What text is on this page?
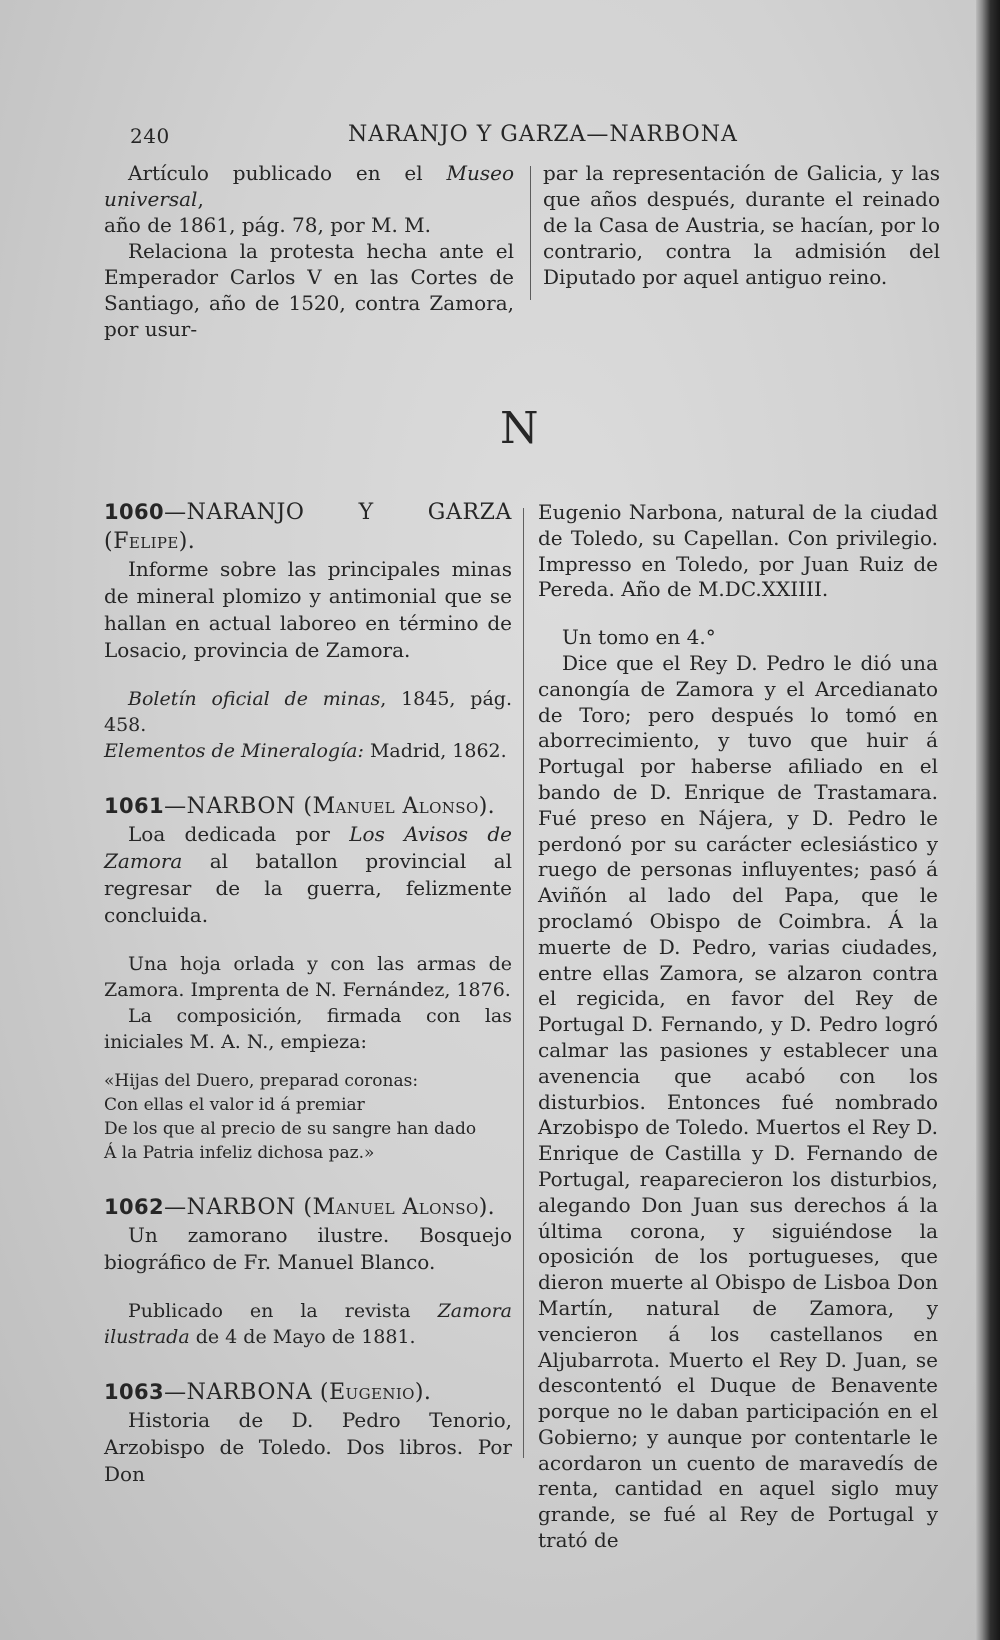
240	NARANJO Y GARZA—NARBONA

Artículo publicado en el Museo universal,
año de 1861, pág. 78, por M. M.

Relaciona la protesta hecha ante el Emperador Carlos V en las Cortes de Santiago, año de 1520, contra Zamora, por usur-

par la representación de Galicia, y las que años después, durante el reinado de la Casa de Austria, se hacían, por lo contrario, contra la admisión del Diputado por aquel antiguo reino.

N

1060—NARANJO Y GARZA (Felipe).

Informe sobre las principales minas de mineral plomizo y antimonial que se hallan en actual laboreo en término de Losacio, provincia de Zamora.

Boletín oficial de minas, 1845, pág. 458.
Elementos de Mineralogía: Madrid, 1862.

1061—NARBON (Manuel Alonso).

Loa dedicada por Los Avisos de Zamora al batallon provincial al regresar de la guerra, felizmente concluida.

Una hoja orlada y con las armas de Zamora. Imprenta de N. Fernández, 1876.

La composición, firmada con las iniciales M. A. N., empieza:

«Hijas del Duero, preparad coronas:
Con ellas el valor id á premiar
De los que al precio de su sangre han dado
Á la Patria infeliz dichosa paz.»

1062—NARBON (Manuel Alonso).

Un zamorano ilustre. Bosquejo biográfico de Fr. Manuel Blanco.

Publicado en la revista Zamora ilustrada de 4 de Mayo de 1881.

1063—NARBONA (Eugenio).

Historia de D. Pedro Tenorio, Arzobispo de Toledo. Dos libros. Por Don

Eugenio Narbona, natural de la ciudad de Toledo, su Capellan. Con privilegio. Impresso en Toledo, por Juan Ruiz de Pereda. Año de M.DC.XXIIII.

Un tomo en 4.°

Dice que el Rey D. Pedro le dió una canongía de Zamora y el Arcedianato de Toro; pero después lo tomó en aborrecimiento, y tuvo que huir á Portugal por haberse afiliado en el bando de D. Enrique de Trastamara. Fué preso en Nájera, y D. Pedro le perdonó por su carácter eclesiástico y ruego de personas influyentes; pasó á Aviñón al lado del Papa, que le proclamó Obispo de Coimbra. Á la muerte de D. Pedro, varias ciudades, entre ellas Zamora, se alzaron contra el regicida, en favor del Rey de Portugal D. Fernando, y D. Pedro logró calmar las pasiones y establecer una avenencia que acabó con los disturbios. Entonces fué nombrado Arzobispo de Toledo. Muertos el Rey D. Enrique de Castilla y D. Fernando de Portugal, reaparecieron los disturbios, alegando Don Juan sus derechos á la última corona, y siguiéndose la oposición de los portugueses, que dieron muerte al Obispo de Lisboa Don Martín, natural de Zamora, y vencieron á los castellanos en Aljubarrota. Muerto el Rey D. Juan, se descontentó el Duque de Benavente porque no le daban participación en el Gobierno; y aunque por contentarle le acordaron un cuento de maravedís de renta, cantidad en aquel siglo muy grande, se fué al Rey de Portugal y trató de
